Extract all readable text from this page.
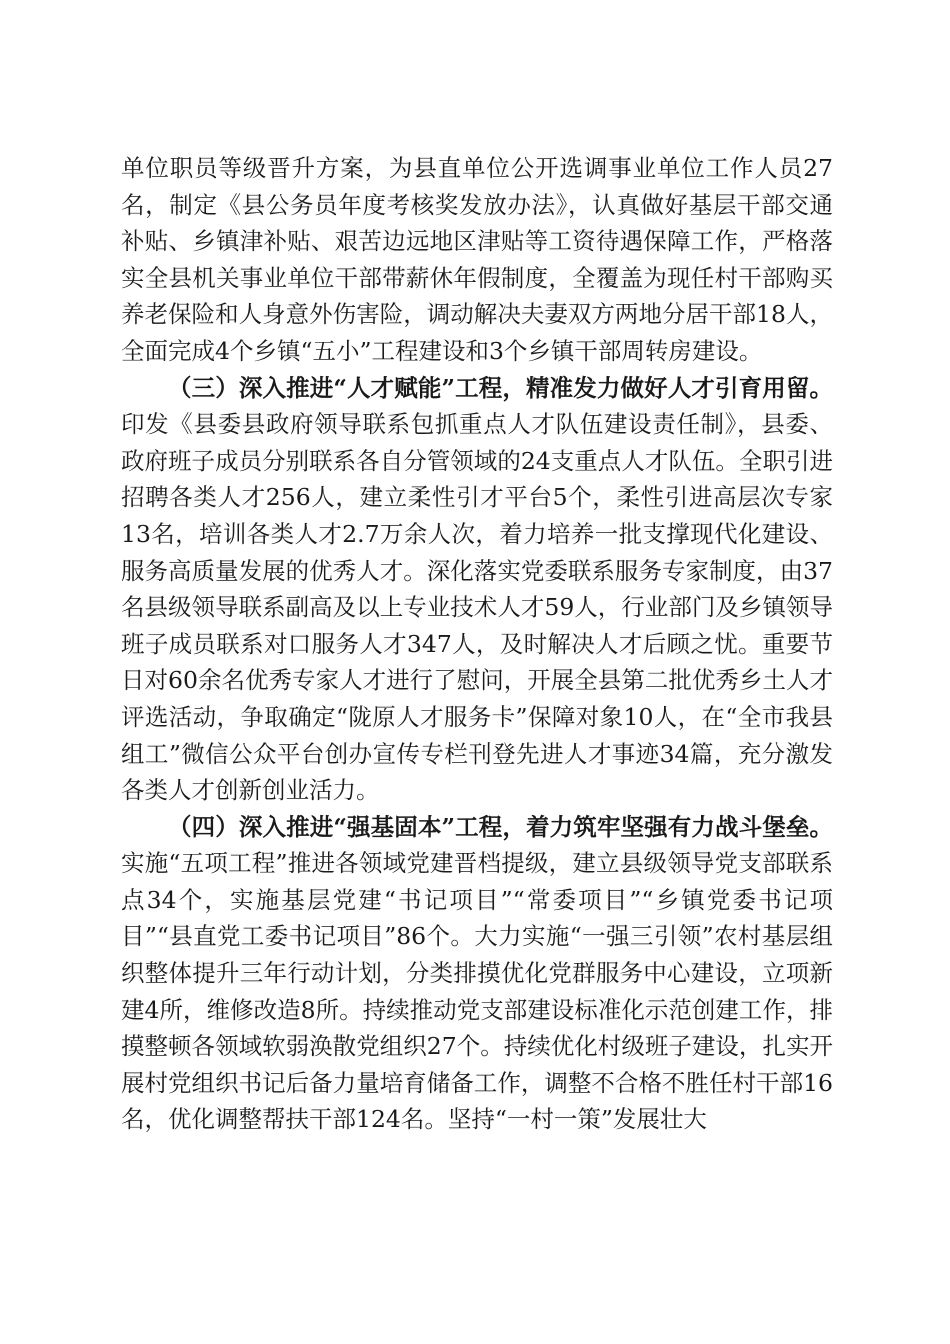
单位职员等级晋升方案，为县直单位公开选调事业单位工作人员27名，制定《县公务员年度考核奖发放办法》，认真做好基层干部交通补贴、乡镇津补贴、艰苦边远地区津贴等工资待遇保障工作，严格落实全县机关事业单位干部带薪休年假制度，全覆盖为现任村干部购买养老保险和人身意外伤害险，调动解决夫妻双方两地分居干部18人，全面完成4个乡镇“五小”工程建设和3个乡镇干部周转房建设。

（三）深入推进“人才赋能”工程，精准发力做好人才引育用留。印发《县委县政府领导联系包抓重点人才队伍建设责任制》，县委、政府班子成员分别联系各自分管领域的24支重点人才队伍。全职引进招聘各类人才256人，建立柔性引才平台5个，柔性引进高层次专家13名，培训各类人才2.7万余人次，着力培养一批支撑现代化建设、服务高质量发展的优秀人才。深化落实党委联系服务专家制度，由37名县级领导联系副高及以上专业技术人才59人，行业部门及乡镇领导班子成员联系对口服务人才347人，及时解决人才后顾之忧。重要节日对60余名优秀专家人才进行了慰问，开展全县第二批优秀乡土人才评选活动，争取确定“陇原人才服务卡”保障对象10人，在“全市我县组工”微信公众平台创办宣传专栏刊登先进人才事迹34篇，充分激发各类人才创新创业活力。

（四）深入推进“强基固本”工程，着力筑牢坚强有力战斗堡垒。实施“五项工程”推进各领域党建晋档提级，建立县级领导党支部联系点34个，实施基层党建“书记项目”“常委项目”“乡镇党委书记项目”“县直党工委书记项目”86个。大力实施“一强三引领”农村基层组织整体提升三年行动计划，分类排摸优化党群服务中心建设，立项新建4所，维修改造8所。持续推动党支部建设标准化示范创建工作，排摸整顿各领域软弱涣散党组织27个。持续优化村级班子建设，扎实开展村党组织书记后备力量培育储备工作，调整不合格不胜任村干部16名，优化调整帮扶干部124名。坚持“一村一策”发展壮大
